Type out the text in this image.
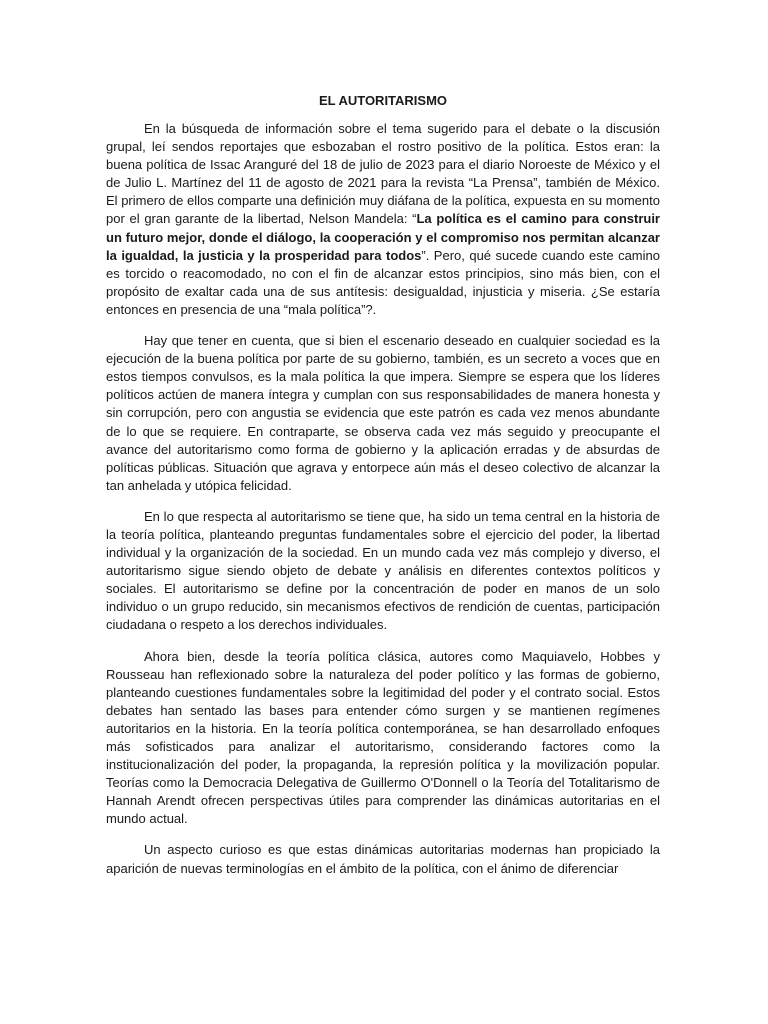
EL AUTORITARISMO

En la búsqueda de información sobre el tema sugerido para el debate o la discusión grupal, leí sendos reportajes que esbozaban el rostro positivo de la política. Estos eran: la buena política de Issac Aranguré del 18 de julio de 2023 para el diario Noroeste de México y el de Julio L. Martínez del 11 de agosto de 2021 para la revista “La Prensa”, también de México. El primero de ellos comparte una definición muy diáfana de la política, expuesta en su momento por el gran garante de la libertad, Nelson Mandela: “La política es el camino para construir un futuro mejor, donde el diálogo, la cooperación y el compromiso nos permitan alcanzar la igualdad, la justicia y la prosperidad para todos”. Pero, qué sucede cuando este camino es torcido o reacomodado, no con el fin de alcanzar estos principios, sino más bien, con el propósito de exaltar cada una de sus antítesis: desigualdad, injusticia y miseria. ¿Se estaría entonces en presencia de una “mala política”?.

Hay que tener en cuenta, que si bien el escenario deseado en cualquier sociedad es la ejecución de la buena política por parte de su gobierno, también, es un secreto a voces que en estos tiempos convulsos, es la mala política la que impera. Siempre se espera que los líderes políticos actúen de manera íntegra y cumplan con sus responsabilidades de manera honesta y sin corrupción, pero con angustia se evidencia que este patrón es cada vez menos abundante de lo que se requiere. En contraparte, se observa cada vez más seguido y preocupante el avance del autoritarismo como forma de gobierno y la aplicación erradas y de absurdas de políticas públicas. Situación que agrava y entorpece aún más el deseo colectivo de alcanzar la tan anhelada y utópica felicidad.

En lo que respecta al autoritarismo se tiene que, ha sido un tema central en la historia de la teoría política, planteando preguntas fundamentales sobre el ejercicio del poder, la libertad individual y la organización de la sociedad. En un mundo cada vez más complejo y diverso, el autoritarismo sigue siendo objeto de debate y análisis en diferentes contextos políticos y sociales. El autoritarismo se define por la concentración de poder en manos de un solo individuo o un grupo reducido, sin mecanismos efectivos de rendición de cuentas, participación ciudadana o respeto a los derechos individuales.

Ahora bien, desde la teoría política clásica, autores como Maquiavelo, Hobbes y Rousseau han reflexionado sobre la naturaleza del poder político y las formas de gobierno, planteando cuestiones fundamentales sobre la legitimidad del poder y el contrato social. Estos debates han sentado las bases para entender cómo surgen y se mantienen regímenes autoritarios en la historia. En la teoría política contemporánea, se han desarrollado enfoques más sofisticados para analizar el autoritarismo, considerando factores como la institucionalización del poder, la propaganda, la represión política y la movilización popular. Teorías como la Democracia Delegativa de Guillermo O'Donnell o la Teoría del Totalitarismo de Hannah Arendt ofrecen perspectivas útiles para comprender las dinámicas autoritarias en el mundo actual.

Un aspecto curioso es que estas dinámicas autoritarias modernas han propiciado la aparición de nuevas terminologías en el ámbito de la política, con el ánimo de diferenciar
